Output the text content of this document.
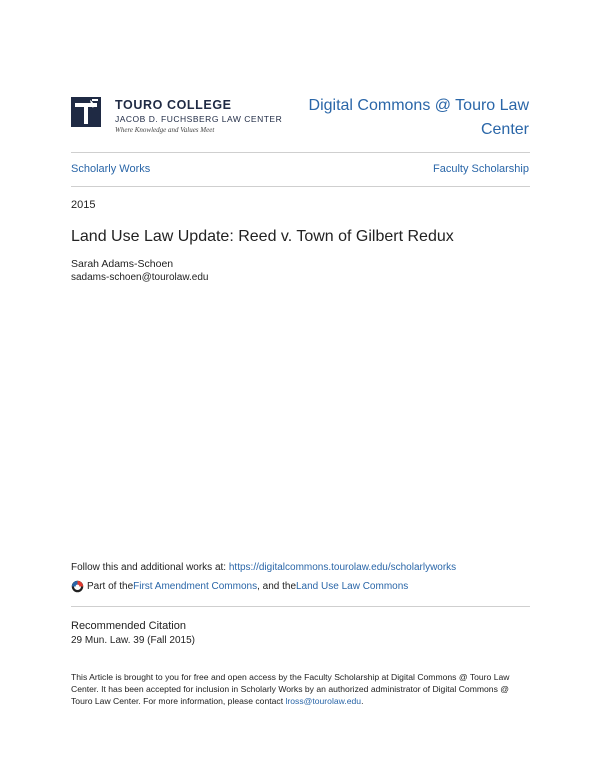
TOURO COLLEGE
JACOB D. FUCHSBERG LAW CENTER
Where Knowledge and Values Meet
Digital Commons @ Touro Law Center
Scholarly Works	Faculty Scholarship
2015
Land Use Law Update: Reed v. Town of Gilbert Redux
Sarah Adams-Schoen
sadams-schoen@tourolaw.edu
Follow this and additional works at: https://digitalcommons.tourolaw.edu/scholarlyworks
Part of the First Amendment Commons , and the Land Use Law Commons
Recommended Citation
29 Mun. Law. 39 (Fall 2015)
This Article is brought to you for free and open access by the Faculty Scholarship at Digital Commons @ Touro Law Center. It has been accepted for inclusion in Scholarly Works by an authorized administrator of Digital Commons @ Touro Law Center. For more information, please contact lross@tourolaw.edu.
